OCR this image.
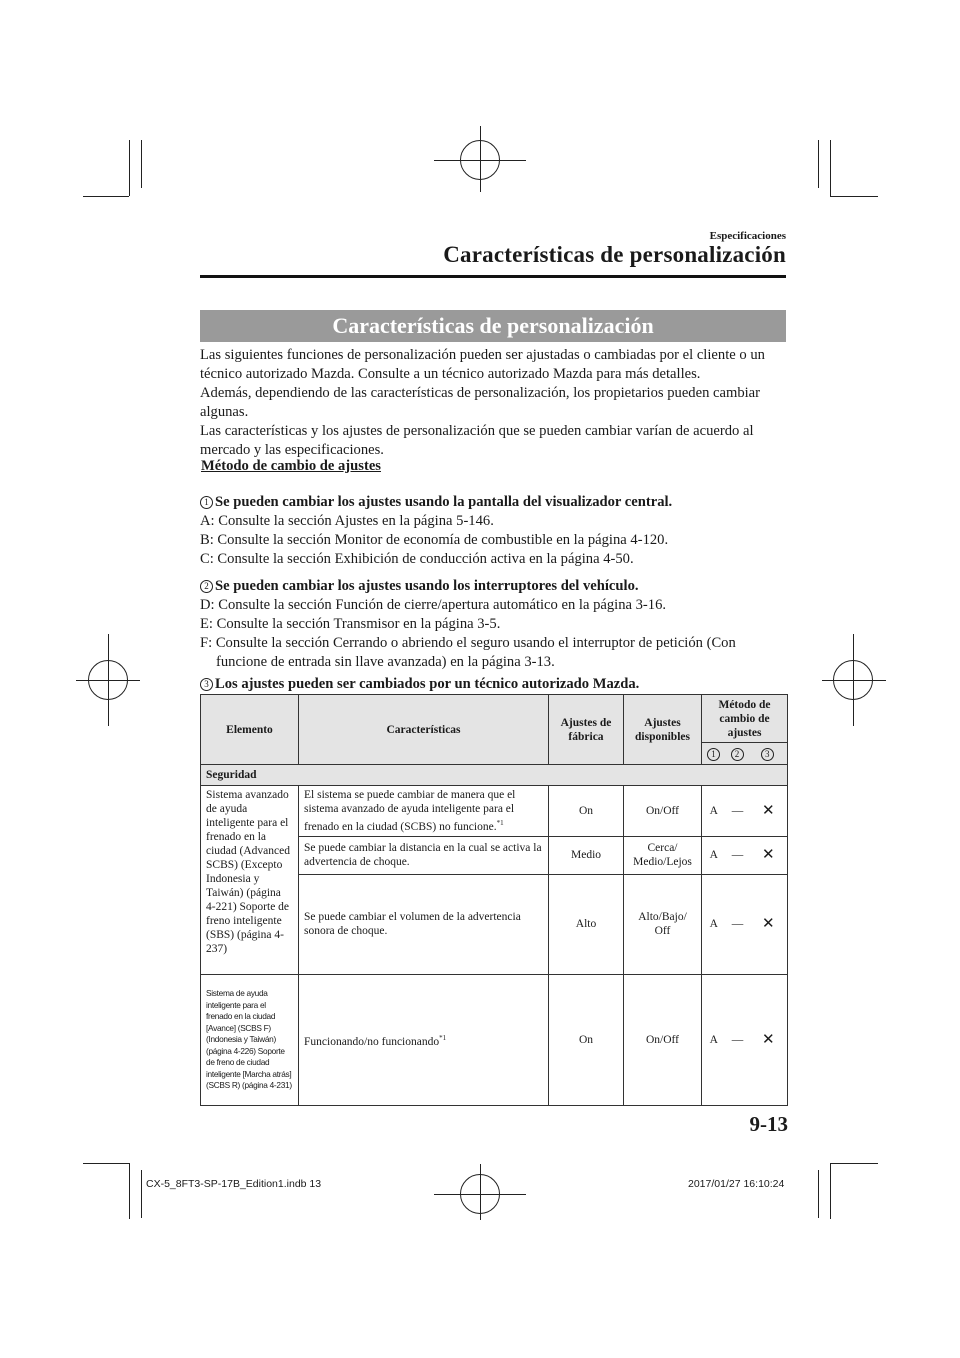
Especificaciones
Características de personalización
Características de personalización

Las siguientes funciones de personalización pueden ser ajustadas o cambiadas por el cliente o un técnico autorizado Mazda. Consulte a un técnico autorizado Mazda para más detalles.

Además, dependiendo de las características de personalización, los propietarios pueden cambiar algunas.

Las características y los ajustes de personalización que se pueden cambiar varían de acuerdo al mercado y las especificaciones.

Método de cambio de ajustes
1 Se pueden cambiar los ajustes usando la pantalla del visualizador central.
A: Consulte la sección Ajustes en la página 5-146.
B: Consulte la sección Monitor de economía de combustible en la página 4-120.
C: Consulte la sección Exhibición de conducción activa en la página 4-50.
2 Se pueden cambiar los ajustes usando los interruptores del vehículo.
D: Consulte la sección Función de cierre/apertura automático en la página 3-16.
E: Consulte la sección Transmisor en la página 3-5.
F: Consulte la sección Cerrando o abriendo el seguro usando el interruptor de petición (Con funcione de entrada sin llave avanzada) en la página 3-13.
3 Los ajustes pueden ser cambiados por un técnico autorizado Mazda.
Elemento	Características	Ajustes de fábrica	Ajustes disponibles	Método de cambio de ajustes		
				1	2	3
Seguridad						
Sistema avanzado de ayuda inteligente para el frenado en la ciudad (Advanced SCBS) (Excepto Indonesia y Taiwán) (página 4-221) Soporte de freno inteligente (SBS) (página 4-237)	El sistema se puede cambiar de manera que el sistema avanzado de ayuda inteligente para el frenado en la ciudad (SCBS) no funcione.$^{*1}$	On	On/Off	A	—	✕
	Se puede cambiar la distancia en la cual se activa la advertencia de choque.	Medio	Cerca/ Medio/Lejos	A	—	✕
	Se puede cambiar el volumen de la advertencia sonora de choque.	Alto	Alto/Bajo/ Off	A	—	✕
Sistema de ayuda inteligente para el frenado en la ciudad [Avance] (SCBS F) (Indonesia y Taiwán) (página 4-226) Soporte de freno de ciudad inteligente [Marcha atrás] (SCBS R) (página 4-231)	Funcionando/no funcionando$^{*1}$	On	On/Off	A	—	✕
9-13
CX-5_8FT3-SP-17B_Edition1.indb 13	2017/01/27 16:10:24
